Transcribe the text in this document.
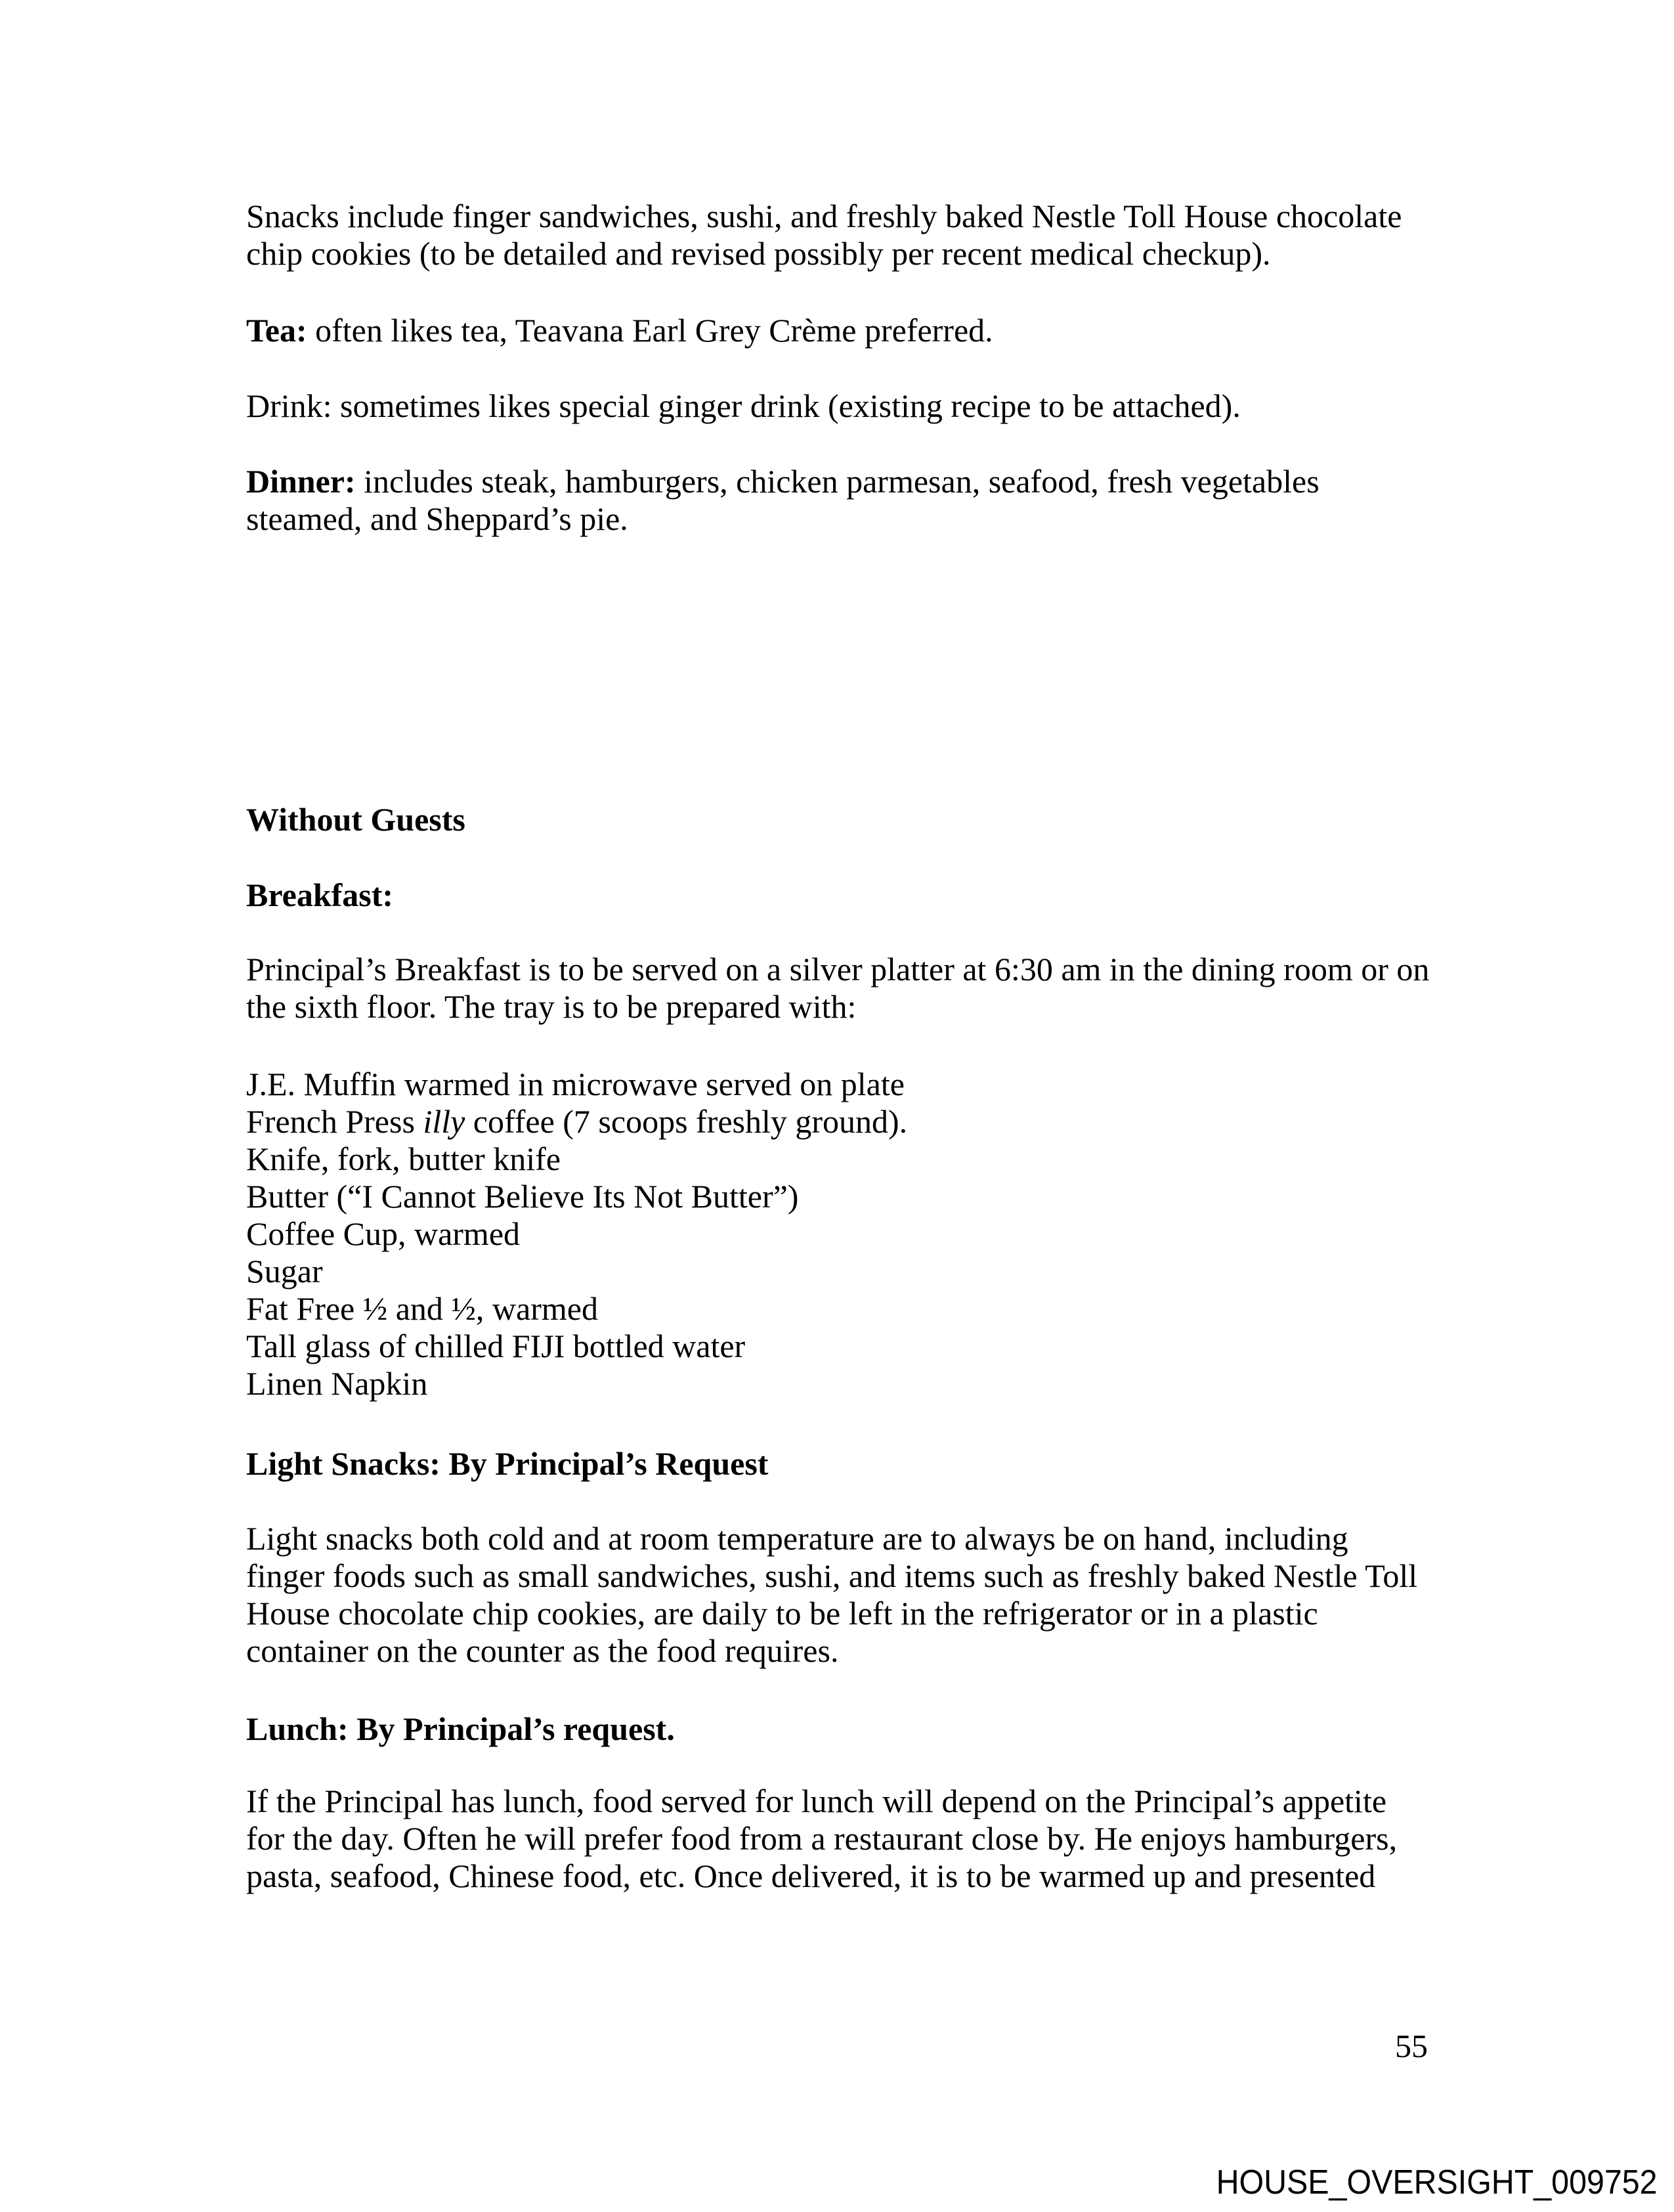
Snacks include finger sandwiches, sushi, and freshly baked Nestle Toll House chocolate chip cookies (to be detailed and revised possibly per recent medical checkup).

Tea: often likes tea, Teavana Earl Grey Crème preferred.

Drink: sometimes likes special ginger drink (existing recipe to be attached).

Dinner: includes steak, hamburgers, chicken parmesan, seafood, fresh vegetables steamed, and Sheppard’s pie.

Without Guests

Breakfast:

Principal’s Breakfast is to be served on a silver platter at 6:30 am in the dining room or on the sixth floor. The tray is to be prepared with:

J.E. Muffin warmed in microwave served on plate
French Press illy coffee (7 scoops freshly ground).
Knife, fork, butter knife
Butter (“I Cannot Believe Its Not Butter”)
Coffee Cup, warmed
Sugar
Fat Free ½ and ½, warmed
Tall glass of chilled FIJI bottled water
Linen Napkin

Light Snacks: By Principal’s Request

Light snacks both cold and at room temperature are to always be on hand, including finger foods such as small sandwiches, sushi, and items such as freshly baked Nestle Toll House chocolate chip cookies, are daily to be left in the refrigerator or in a plastic container on the counter as the food requires.

Lunch: By Principal’s request.

If the Principal has lunch, food served for lunch will depend on the Principal’s appetite for the day. Often he will prefer food from a restaurant close by. He enjoys hamburgers, pasta, seafood, Chinese food, etc. Once delivered, it is to be warmed up and presented

55
HOUSE_OVERSIGHT_009752
